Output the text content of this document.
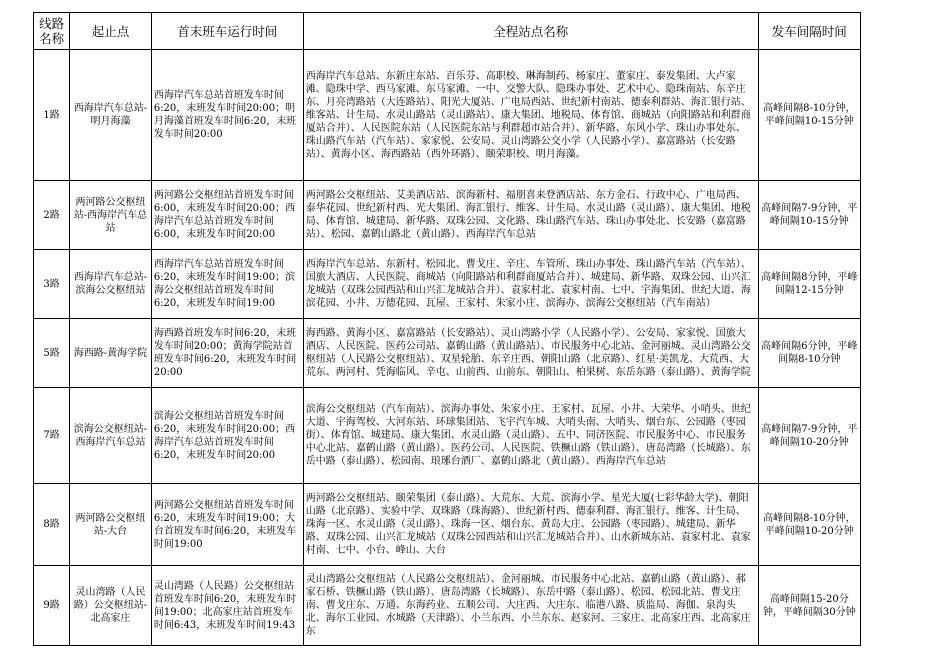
线路名称	起止点	首末班车运行时间	全程站点名称	发车间隔时间
1路	西海岸汽车总站-明月海藻	西海岸汽车总站首班发车时间6:20，末班发车时间20:00；明月海藻首班发车时间6:20，末班发车时间20:00	西海岸汽车总站、东新庄东站、百乐芬、高职校、琳海制药、杨家庄、董家庄、泰发集团、大卢家滩、隐珠中学、西马家滩、东马家滩、一中、交警大队、隐珠办事处、艺术中心、隐珠南站、东辛庄东、月亮湾路站（大连路站）、阳光大厦站、广电局西站、世纪新村南站、德泰利群站、海汇银行站、维客站、计生局、水灵山路站（灵山路站）、康大集团、地税局、体育馆、商城站（向阳路站和利群商厦站合并）、人民医院东站（人民医院东站与利群超市站合并）、新华路、东风小学、珠山办事处东、珠山路汽车站（汽车站）、家家悦、公安局、灵山湾路公交小学（人民路小学）、嘉富路站（长安路站）、黄海小区、海西路站（西外环路）、颐荣职校、明月海藻。	高峰间隔8-10分钟，平峰间隔10-15分钟
2路	两河路公交枢纽站-西海岸汽车总站	两河路公交枢纽站首班发车时间6:00，末班发车时间20:00；西海岸汽车总站首班发车时间6:00，末班发车时间20:00	两河路公交枢纽站、艾美酒店站、滨海新村、福朋喜来登酒店站、东方金石、行政中心、广电局西、泰华花园、世纪新村西、光大集团、海汇银行、维客、计生局、水灵山路（灵山路）、康大集团、地税局、体育馆、城建局、新华路、双珠公园、文化路、珠山路汽车站、珠山办事处北、长安路（嘉富路站）、松园、嘉鹤山路北（黄山路）、西海岸汽车总站	高峰间隔7-9分钟，平峰间隔10-15分钟
3路	西海岸汽车总站-滨海公交枢纽站	西海岸汽车总站首班发车时间6:20，末班发车时间19:00；滨海公交枢纽站首班发车时间6:20，末班发车时间19:00	西海岸汽车总站、东新村、松园北、曹戈庄、辛庄、车管所、珠山办事处、珠山路汽车站（汽车站）、国旅大酒店、人民医院、商城站（向阳路站和利群商厦站合并）、城建局、新华路、双珠公园、山兴汇龙城站（双珠公园西站和山兴汇龙城站合并）、袁家村北、袁家村南、七中、宇海集团、世纪大道、海滨花园、小井、万德花园、瓦屋、王家村、朱家小庄、滨海办、滨海公交枢纽站（汽车南站）	高峰间隔8分钟，平峰间隔12-15分钟
5路	海西路-黄海学院	海西路首班发车时间6:20，末班发车时间20:00；黄海学院站首班发车时间6:20，末班发车时间20:00	海西路、黄海小区、嘉富路站（长安路站）、灵山湾路小学（人民路小学）、公安局、家家悦、国旅大酒店、人民医院、医药公司站、嘉鹤山路（黄山路站）、市民服务中心北站、金河丽城、灵山湾路公交枢纽站（人民路公交枢纽站）、双星轮胎、东辛庄西、朝阳山路（北京路）、红星·美凯龙、大荒西、大荒东、两河村、凭海临风、辛屯、山前西、山前东、朝阳山、柏果树、东岳东路（泰山路）、黄海学院	高峰间隔6分钟，平峰间隔8-10分钟
7路	滨海公交枢纽站-西海岸汽车总站	滨海公交枢纽站首班发车时间6:20，末班发车时间20:00；西海岸汽车总站首班发车时间6:20，末班发车时间20:00	滨海公交枢纽站（汽车南站）、滨海办事处、朱家小庄、王家村、瓦屋、小井、大荣华、小哨头、世纪大道、宇海驾校、大河东站、环球集团站、飞宇汽车城、大哨头南、大哨头、烟台东、公园路（枣园街）、体育馆、城建局、康大集团、水灵山路（灵山路）、五中、同济医院、市民服务中心、市民服务中心北站、嘉鹤山路（黄山路）、医药公司、人民医院、铁橛山路（铁山路）、唐岛湾路（长城路）、东岳中路（泰山路）、松园南、琅琊台酒厂、嘉鹤山路北（黄山路）、西海岸汽车总站	高峰间隔7-9分钟，平峰间隔10-20分钟
8路	两河路公交枢纽站-大台	两河路公交枢纽站首班发车时间6:20，末班发车时间19:00；大台首班发车时间6:20，末班发车时间19:00	两河路公交枢纽站、颐荣集团（泰山路）、大荒东、大荒、滨海小学、星光大厦(七彩华龄大学)、朝阳山路（北京路）、实验中学、双珠路（珠海路）、世纪新村西、德泰利群、海汇银行、维客、计生局、珠海一区、水灵山路（灵山路）、珠海一区、烟台东、黄岛大庄、公园路（枣园路）、城建局、新华路、双珠公园、山兴汇龙城站（双珠公园西站和山兴汇龙城站合并）、山水新城东站、袁家村北、袁家村南、七中、小台、峰山、大台	高峰间隔8-10分钟，平峰间隔10-20分钟
9路	灵山湾路（人民路）公交枢纽站-北高家庄	灵山湾路（人民路）公交枢纽站首班发车时间6:20，末班发车时间19:00；北高家庄站首班发车时间6:43，末班发车时间19:43	灵山湾路公交枢纽站（人民路公交枢纽站）、金河丽城、市民服务中心北站、嘉鹤山路（黄山路）、郝家石桥、铁橛山路（铁山路）、唐岛湾路（长城路）、东岳中路（泰山路）、松园、松园北站、曹戈庄南、曹戈庄东、万通、东海药业、五顺公司、大庄西、大庄东、临港八路、质监局、海伽、泉沟头北、海尔工业园、水城路（天津路）、小兰东西、小兰东东、赵家河、三家庄、北高家庄西、北高家庄东	高峰间隔15-20分钟，平峰间隔30分钟
